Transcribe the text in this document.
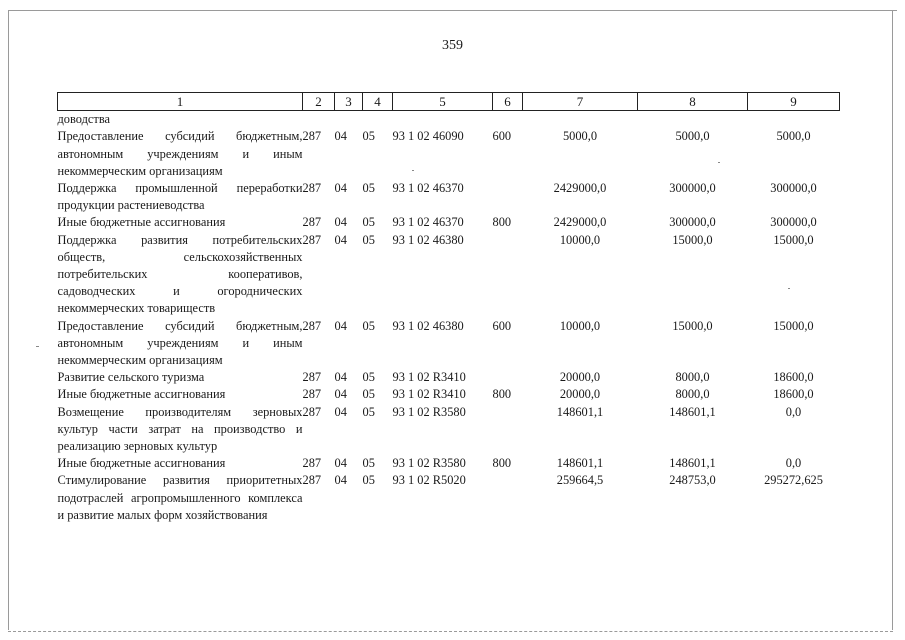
359
1	2	3	4	5	6	7	8	9
доводства								
Предоставление субсидий бюджетным, автономным учреждениям и иным некоммерческим организациям	287	04	05	93 1 02 46090	600	5000,0	5000,0	5000,0
Поддержка промышленной переработки продукции растениеводства	287	04	05	93 1 02 46370		2429000,0	300000,0	300000,0
Иные бюджетные ассигнования	287	04	05	93 1 02 46370	800	2429000,0	300000,0	300000,0
Поддержка развития потребительских обществ, сельскохозяйственных потребительских кооперативов, садоводческих и огороднических некоммерческих товариществ	287	04	05	93 1 02 46380		10000,0	15000,0	15000,0
Предоставление субсидий бюджетным, автономным учреждениям и иным некоммерческим организациям	287	04	05	93 1 02 46380	600	10000,0	15000,0	15000,0
Развитие сельского туризма	287	04	05	93 1 02 R3410		20000,0	8000,0	18600,0
Иные бюджетные ассигнования	287	04	05	93 1 02 R3410	800	20000,0	8000,0	18600,0
Возмещение производителям зерновых культур части затрат на производство и реализацию зерновых культур	287	04	05	93 1 02 R3580		148601,1	148601,1	0,0
Иные бюджетные ассигнования	287	04	05	93 1 02 R3580	800	148601,1	148601,1	0,0
Стимулирование развития приоритетных подотраслей агропромышленного комплекса и развитие малых форм хозяйствования	287	04	05	93 1 02 R5020		259664,5	248753,0	295272,625
